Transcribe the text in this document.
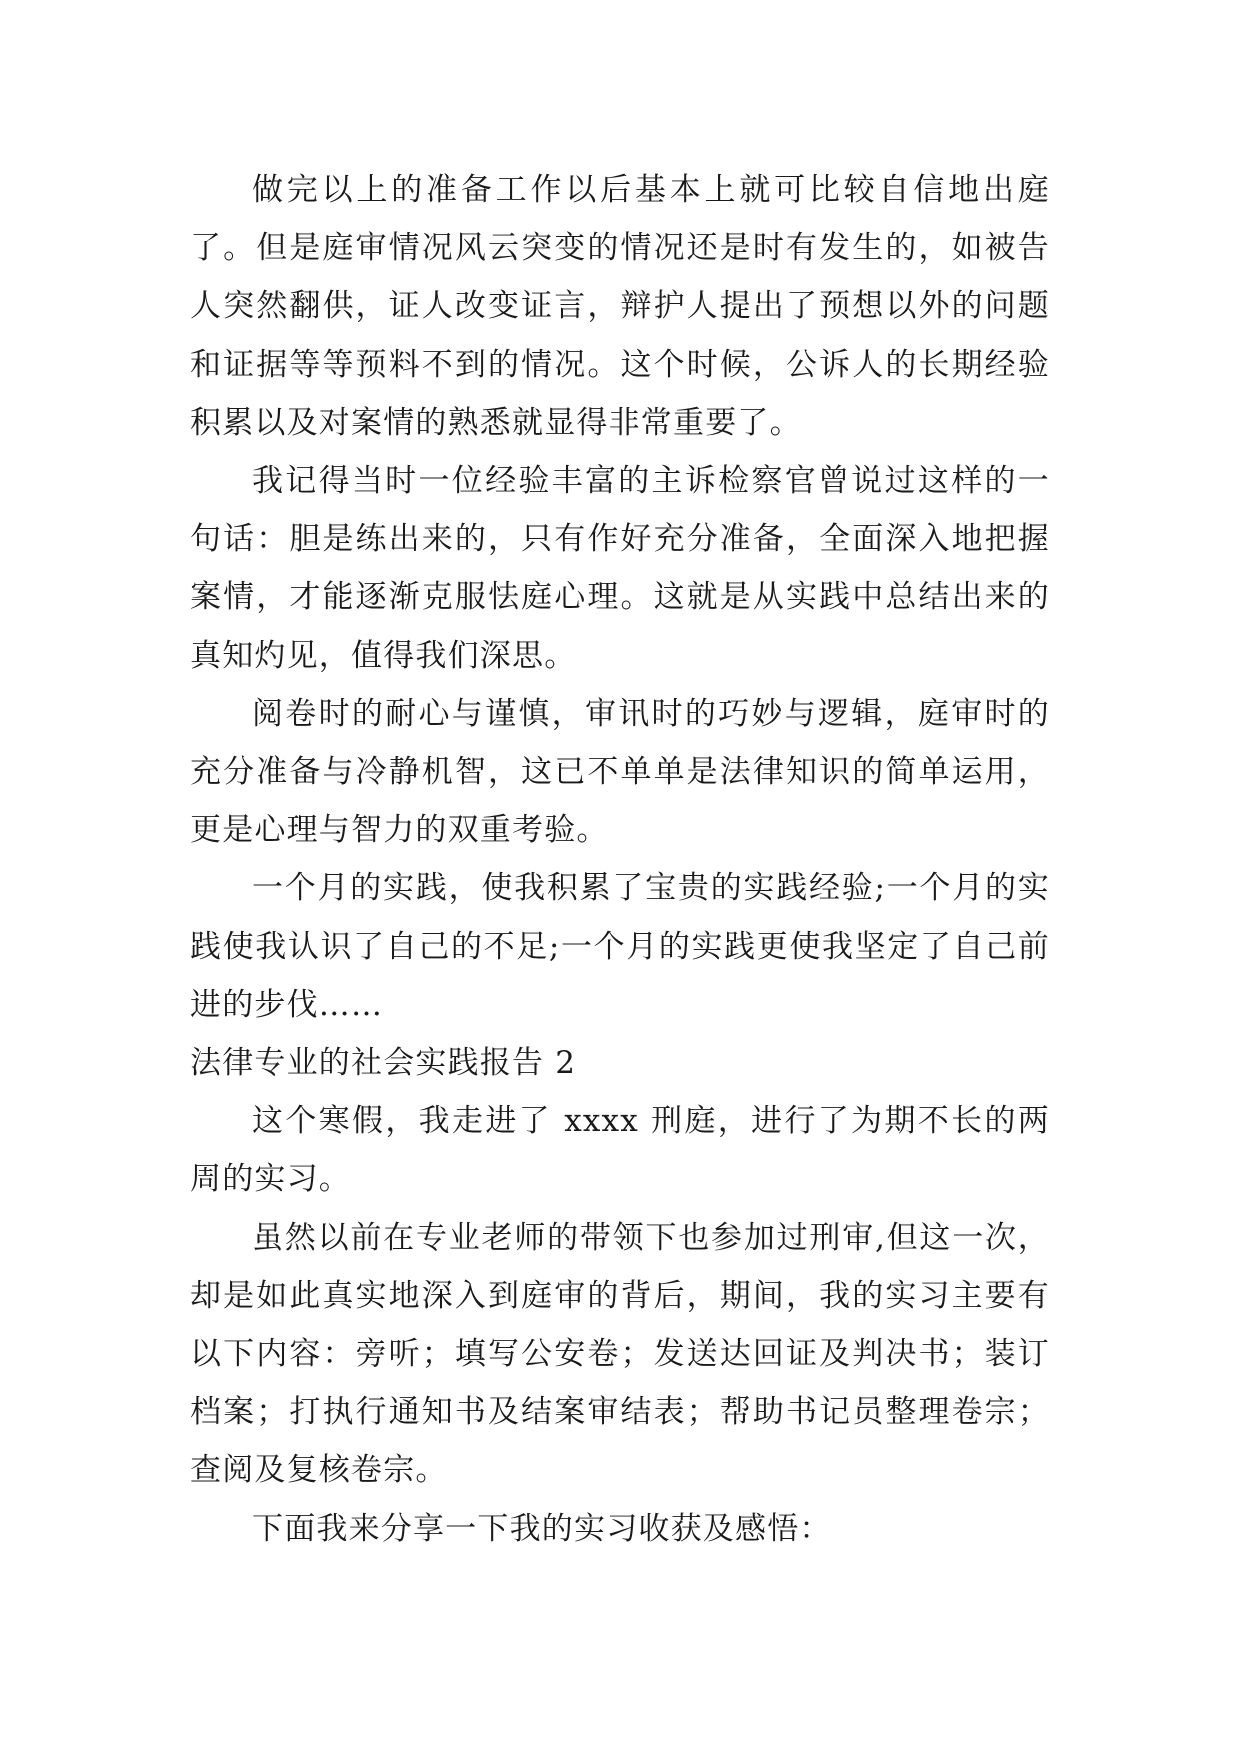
做完以上的准备工作以后基本上就可比较自信地出庭了。但是庭审情况风云突变的情况还是时有发生的，如被告人突然翻供，证人改变证言，辩护人提出了预想以外的问题和证据等等预料不到的情况。这个时候，公诉人的长期经验积累以及对案情的熟悉就显得非常重要了。

我记得当时一位经验丰富的主诉检察官曾说过这样的一句话：胆是练出来的，只有作好充分准备，全面深入地把握案情，才能逐渐克服怯庭心理。这就是从实践中总结出来的真知灼见，值得我们深思。

阅卷时的耐心与谨慎，审讯时的巧妙与逻辑，庭审时的充分准备与冷静机智，这已不单单是法律知识的简单运用，更是心理与智力的双重考验。

一个月的实践，使我积累了宝贵的实践经验;一个月的实践使我认识了自己的不足;一个月的实践更使我坚定了自己前进的步伐……

法律专业的社会实践报告 2

这个寒假，我走进了 xxxx 刑庭，进行了为期不长的两周的实习。

虽然以前在专业老师的带领下也参加过刑审,但这一次，却是如此真实地深入到庭审的背后，期间，我的实习主要有以下内容：旁听；填写公安卷；发送达回证及判决书；装订档案；打执行通知书及结案审结表；帮助书记员整理卷宗；查阅及复核卷宗。

下面我来分享一下我的实习收获及感悟：
